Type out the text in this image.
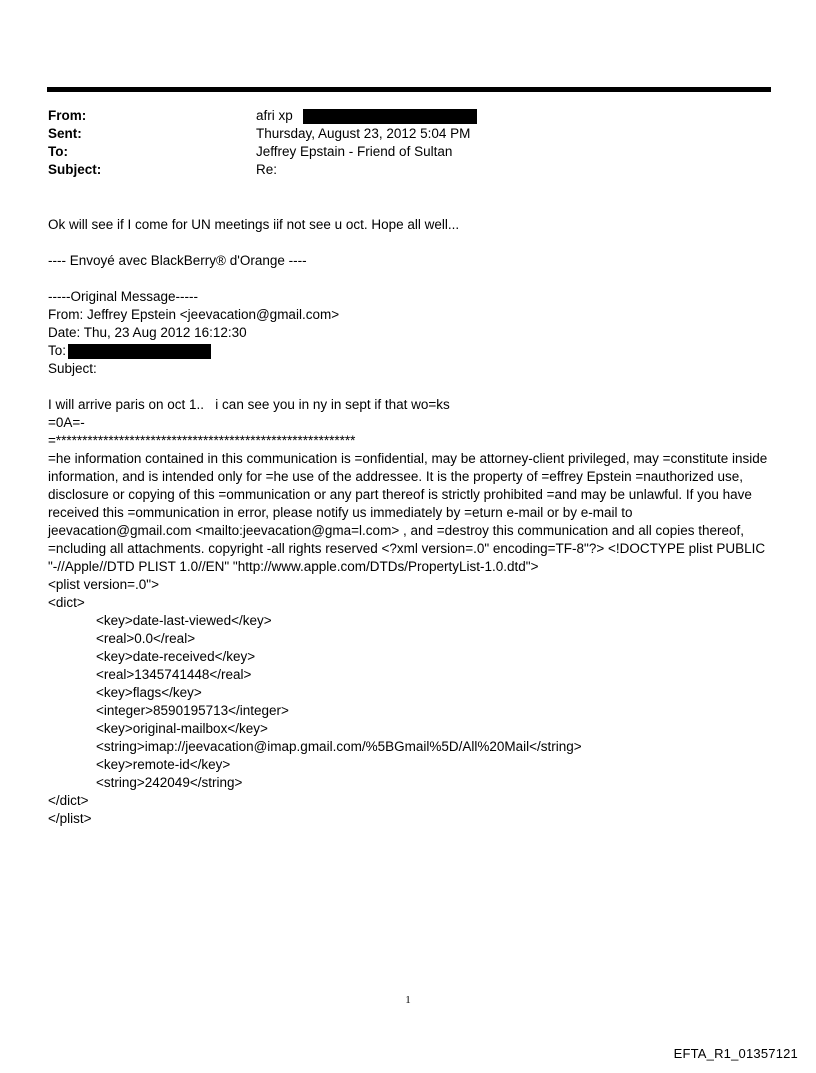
From:	afri xp
Sent:	Thursday, August 23, 2012 5:04 PM
To:	Jeffrey Epstain - Friend of Sultan
Subject:	Re:
Ok will see if I come for UN meetings iif not see u oct. Hope all well...
---- Envoyé avec BlackBerry® d'Orange ----
-----Original Message-----
From: Jeffrey Epstein <jeevacation@gmail.com>
Date: Thu, 23 Aug 2012 16:12:30
To:
Subject:
I will arrive paris on oct 1..   i can see you in ny in sept if that wo=ks
=0A=-
=*********************************************************

=he information contained in this communication is =onfidential, may be attorney-client privileged, may =constitute inside information, and is intended only for =he use of the addressee. It is the property of =effrey Epstein =nauthorized use, disclosure or copying of this =ommunication or any part thereof is strictly prohibited =and may be unlawful. If you have received this =ommunication in error, please notify us immediately by =eturn e-mail or by e-mail to jeevacation@gmail.com <mailto:jeevacation@gma=l.com> , and =destroy this communication and all copies thereof, =ncluding all attachments. copyright -all rights reserved <?xml version=.0" encoding=TF-8"?> <!DOCTYPE plist PUBLIC "-//Apple//DTD PLIST 1.0//EN" "http://www.apple.com/DTDs/PropertyList-1.0.dtd">

<plist version=.0">
<dict>
<key>date-last-viewed</key>
<real>0.0</real>
<key>date-received</key>
<real>1345741448</real>
<key>flags</key>
<integer>8590195713</integer>
<key>original-mailbox</key>
<string>imap://jeevacation@imap.gmail.com/%5BGmail%5D/All%20Mail</string>
<key>remote-id</key>
<string>242049</string>
</dict>
</plist>
1
EFTA_R1_01357121
